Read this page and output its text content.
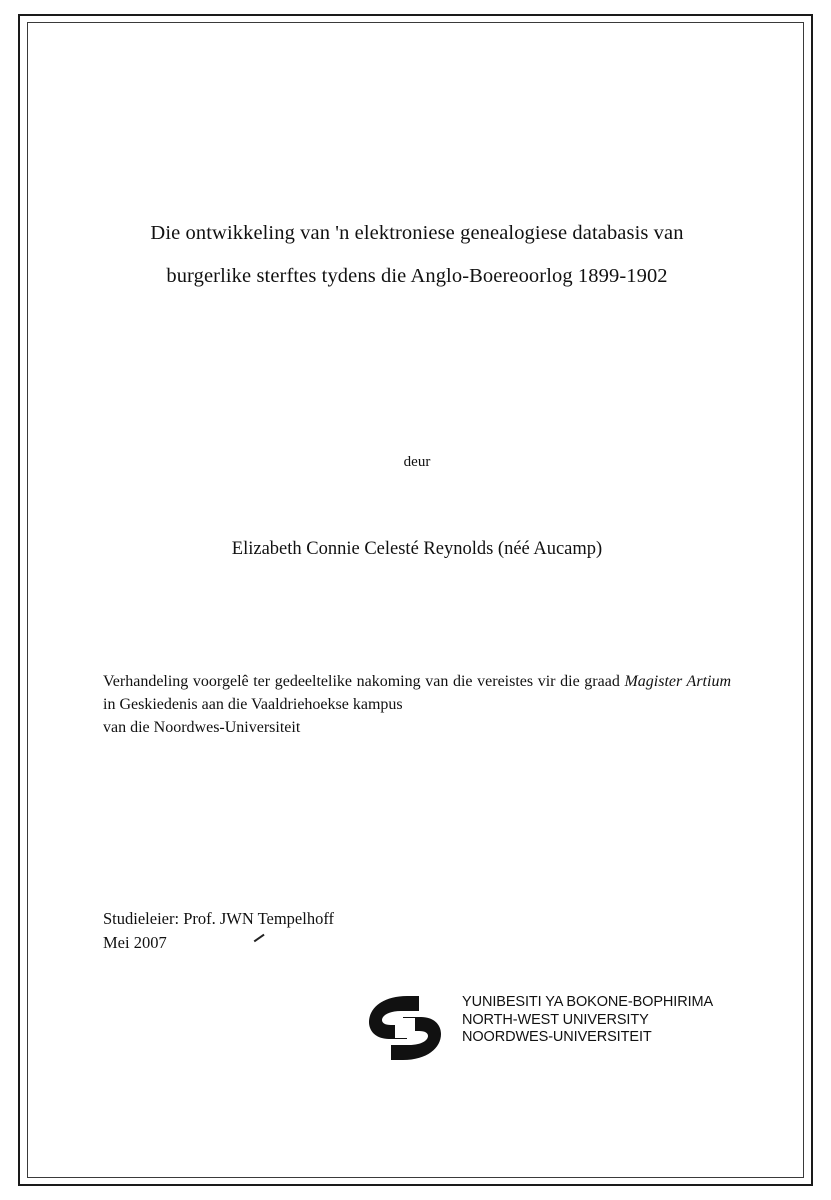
Die ontwikkeling van 'n elektroniese genealogiese databasis van
burgerlike sterftes tydens die Anglo-Boereoorlog 1899-1902
deur
Elizabeth Connie Celesté Reynolds (néé Aucamp)
Verhandeling voorgelê ter gedeeltelike nakoming van die vereistes vir die graad Magister Artium in Geskiedenis aan die Vaaldriehoekse kampus
van die Noordwes-Universiteit
Studieleier: Prof. JWN Tempelhoff
Mei 2007
YUNIBESITI YA BOKONE-BOPHIRIMA
NORTH-WEST UNIVERSITY
NOORDWES-UNIVERSITEIT
